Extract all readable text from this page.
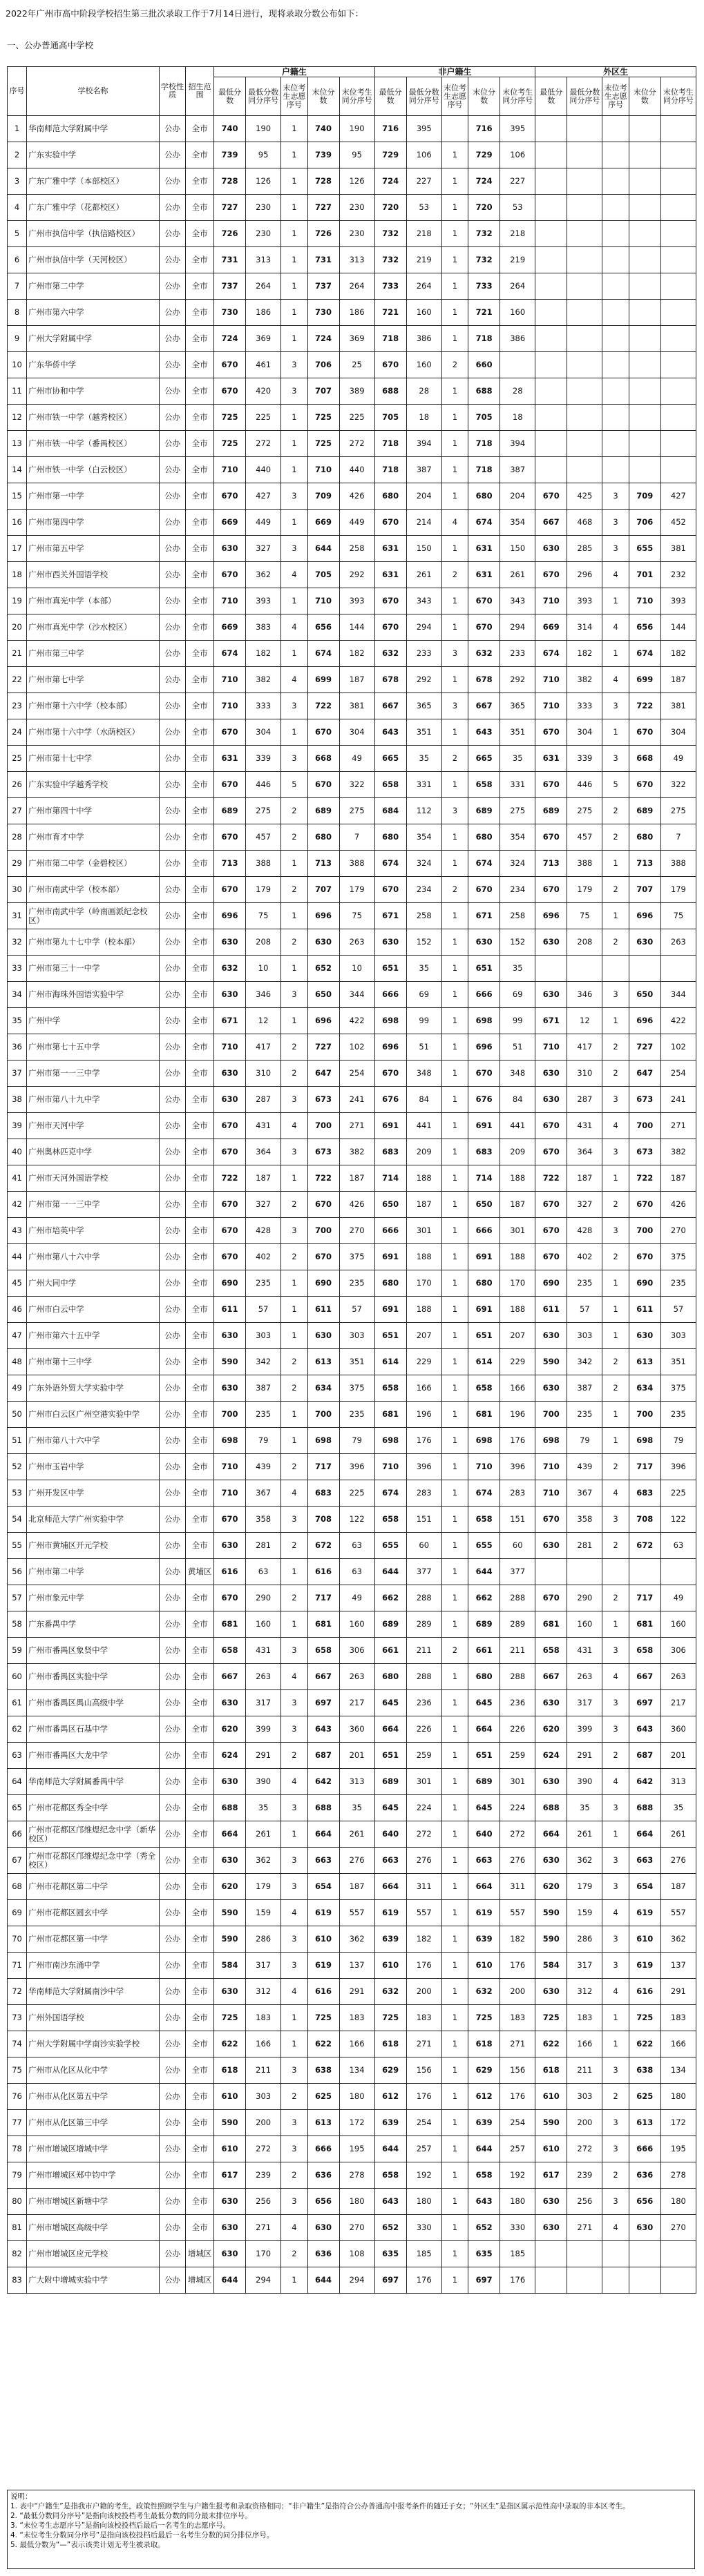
2022年广州市高中阶段学校招生第三批次录取工作于7月14日进行，现将录取分数公布如下：
一、公办普通高中学校
序号	学校名称	学校性质	招生范围	户籍生					非户籍生					外区生				
				最低分数	最低分数同分序号	末位考生志愿序号	末位分数	末位考生同分序号	最低分数	最低分数同分序号	末位考生志愿序号	末位分数	末位考生同分序号	最低分数	最低分数同分序号	末位考生志愿序号	末位分数	末位考生同分序号
1	华南师范大学附属中学	公办	全市	740	190	1	740	190	716	395		716	395					
2	广东实验中学	公办	全市	739	95	1	739	95	729	106	1	729	106					
3	广东广雅中学（本部校区）	公办	全市	728	126	1	728	126	724	227	1	724	227					
4	广东广雅中学（花都校区）	公办	全市	727	230	1	727	230	720	53	1	720	53					
5	广州市执信中学（执信路校区）	公办	全市	726	230	1	726	230	732	218	1	732	218					
6	广州市执信中学（天河校区）	公办	全市	731	313	1	731	313	732	219	1	732	219					
7	广州市第二中学	公办	全市	737	264	1	737	264	733	264	1	733	264					
8	广州市第六中学	公办	全市	730	186	1	730	186	721	160	1	721	160					
9	广州大学附属中学	公办	全市	724	369	1	724	369	718	386	1	718	386					
10	广东华侨中学	公办	全市	670	461	3	706	25	670	160	2	660						
11	广州市协和中学	公办	全市	670	420	3	707	389	688	28	1	688	28					
12	广州市铁一中学（越秀校区）	公办	全市	725	225	1	725	225	705	18	1	705	18					
13	广州市铁一中学（番禺校区）	公办	全市	725	272	1	725	272	718	394	1	718	394					
14	广州市铁一中学（白云校区）	公办	全市	710	440	1	710	440	718	387	1	718	387					
15	广州市第一中学	公办	全市	670	427	3	709	426	680	204	1	680	204	670	425	3	709	427
16	广州市第四中学	公办	全市	669	449	1	669	449	670	214	4	674	354	667	468	3	706	452
17	广州市第五中学	公办	全市	630	327	3	644	258	631	150	1	631	150	630	285	3	655	381
18	广州市西关外国语学校	公办	全市	670	362	4	705	292	631	261	2	631	261	670	296	4	701	232
19	广州市真光中学（本部）	公办	全市	710	393	1	710	393	670	343	1	670	343	710	393	1	710	393
20	广州市真光中学（沙水校区）	公办	全市	669	383	4	656	144	670	294	1	670	294	669	314	4	656	144
21	广州市第三中学	公办	全市	674	182	1	674	182	632	233	3	632	233	674	182	1	674	182
22	广州市第七中学	公办	全市	710	382	4	699	187	678	292	1	678	292	710	382	4	699	187
23	广州市第十六中学（校本部）	公办	全市	710	333	3	722	381	667	365	3	667	365	710	333	3	722	381
24	广州市第十六中学（水荫校区）	公办	全市	670	304	1	670	304	643	351	1	643	351	670	304	1	670	304
25	广州市第十七中学	公办	全市	631	339	3	668	49	665	35	2	665	35	631	339	3	668	49
26	广东实验中学越秀学校	公办	全市	670	446	5	670	322	658	331	1	658	331	670	446	5	670	322
27	广州市第四十中学	公办	全市	689	275	2	689	275	684	112	3	689	275	689	275	2	689	275
28	广州市育才中学	公办	全市	670	457	2	680	7	680	354	1	680	354	670	457	2	680	7
29	广州市第二中学（金碧校区）	公办	全市	713	388	1	713	388	674	324	1	674	324	713	388	1	713	388
30	广州市南武中学（校本部）	公办	全市	670	179	2	707	179	670	234	2	670	234	670	179	2	707	179
31	广州市南武中学（岭南画派纪念校区）	公办	全市	696	75	1	696	75	671	258	1	671	258	696	75	1	696	75
32	广州市第九十七中学（校本部）	公办	全市	630	208	2	630	263	630	152	1	630	152	630	208	2	630	263
33	广州市第三十一中学	公办	全市	632	10	1	652	10	651	35	1	651	35					
34	广州市海珠外国语实验中学	公办	全市	630	346	3	650	344	666	69	1	666	69	630	346	3	650	344
35	广州中学	公办	全市	671	12	1	696	422	698	99	1	698	99	671	12	1	696	422
36	广州市第七十五中学	公办	全市	710	417	2	727	102	696	51	1	696	51	710	417	2	727	102
37	广州市第一一三中学	公办	全市	630	310	2	647	254	670	348	1	670	348	630	310	2	647	254
38	广州市第八十九中学	公办	全市	630	287	3	673	241	676	84	1	676	84	630	287	3	673	241
39	广州市天河中学	公办	全市	670	431	4	700	271	691	441	1	691	441	670	431	4	700	271
40	广州奥林匹克中学	公办	全市	670	364	3	673	382	683	209	1	683	209	670	364	3	673	382
41	广州市天河外国语学校	公办	全市	722	187	1	722	187	714	188	1	714	188	722	187	1	722	187
42	广州市第一一三中学	公办	全市	670	327	2	670	426	650	187	1	650	187	670	327	2	670	426
43	广州市培英中学	公办	全市	670	428	3	700	270	666	301	1	666	301	670	428	3	700	270
44	广州市第八十六中学	公办	全市	670	402	2	670	375	691	188	1	691	188	670	402	2	670	375
45	广州大同中学	公办	全市	690	235	1	690	235	680	170	1	680	170	690	235	1	690	235
46	广州市白云中学	公办	全市	611	57	1	611	57	691	188	1	691	188	611	57	1	611	57
47	广州市第六十五中学	公办	全市	630	303	1	630	303	651	207	1	651	207	630	303	1	630	303
48	广州市第十三中学	公办	全市	590	342	2	613	351	614	229	1	614	229	590	342	2	613	351
49	广东外语外贸大学实验中学	公办	全市	630	387	2	634	375	658	166	1	658	166	630	387	2	634	375
50	广州市白云区广州空港实验中学	公办	全市	700	235	1	700	235	681	196	1	681	196	700	235	1	700	235
51	广州市第八十六中学	公办	全市	698	79	1	698	79	698	176	1	698	176	698	79	1	698	79
52	广州市玉岩中学	公办	全市	710	439	2	717	396	710	396	1	710	396	710	439	2	717	396
53	广州开发区中学	公办	全市	710	367	4	683	225	674	283	1	674	283	710	367	4	683	225
54	北京师范大学广州实验中学	公办	全市	670	358	3	708	122	658	151	1	658	151	670	358	3	708	122
55	广州市黄埔区开元学校	公办	全市	630	281	2	672	63	655	60	1	655	60	630	281	2	672	63
56	广州市第二中学	公办	黄埔区	616	63	1	616	63	644	377	1	644	377					
57	广州市象元中学	公办	全市	670	290	2	717	49	662	288	1	662	288	670	290	2	717	49
58	广东番禺中学	公办	全市	681	160	1	681	160	689	289	1	689	289	681	160	1	681	160
59	广州市番禺区象贤中学	公办	全市	658	431	3	658	306	661	211	2	661	211	658	431	3	658	306
60	广州市番禺区实验中学	公办	全市	667	263	4	667	263	680	288	1	680	288	667	263	4	667	263
61	广州市番禺区禺山高级中学	公办	全市	630	317	3	697	217	645	236	1	645	236	630	317	3	697	217
62	广州市番禺区石基中学	公办	全市	620	399	3	643	360	664	226	1	664	226	620	399	3	643	360
63	广州市番禺区大龙中学	公办	全市	624	291	2	687	201	651	259	1	651	259	624	291	2	687	201
64	华南师范大学附属番禺中学	公办	全市	630	390	4	642	313	689	301	1	689	301	630	390	4	642	313
65	广州市花都区秀全中学	公办	全市	688	35	3	688	35	645	224	1	645	224	688	35	3	688	35
66	广州市花都区邝维煜纪念中学（新华校区）	公办	全市	664	261	1	664	261	640	272	1	640	272	664	261	1	664	261
67	广州市花都区邝维煜纪念中学（秀全校区）	公办	全市	630	362	3	663	276	663	276	1	663	276	630	362	3	663	276
68	广州市花都区第二中学	公办	全市	620	179	3	654	187	664	311	1	664	311	620	179	3	654	187
69	广州市花都区圆玄中学	公办	全市	590	159	4	619	557	619	557	1	619	557	590	159	4	619	557
70	广州市花都区第一中学	公办	全市	590	286	3	610	362	639	182	1	639	182	590	286	3	610	362
71	广州市南沙东涌中学	公办	全市	584	317	3	619	137	610	176	1	610	176	584	317	3	619	137
72	华南师范大学附属南沙中学	公办	全市	630	312	4	616	291	632	200	1	632	200	630	312	4	616	291
73	广州外国语学校	公办	全市	725	183	1	725	183	725	183	1	725	183	725	183	1	725	183
74	广州大学附属中学南沙实验学校	公办	全市	622	166	1	622	166	618	271	1	618	271	622	166	1	622	166
75	广州市从化区从化中学	公办	全市	618	211	3	638	134	629	156	1	629	156	618	211	3	638	134
76	广州市从化区第五中学	公办	全市	610	303	2	625	180	612	176	1	612	176	610	303	2	625	180
77	广州市从化区第三中学	公办	全市	590	200	3	613	172	639	254	1	639	254	590	200	3	613	172
78	广州市增城区增城中学	公办	全市	610	272	3	666	195	644	257	1	644	257	610	272	3	666	195
79	广州市增城区郑中钧中学	公办	全市	617	239	2	636	278	658	192	1	658	192	617	239	2	636	278
80	广州市增城区新塘中学	公办	全市	630	256	3	656	180	643	180	1	643	180	630	256	3	656	180
81	广州市增城区高级中学	公办	全市	630	271	4	630	270	652	330	1	652	330	630	271	4	630	270
82	广州市增城区应元学校	公办	增城区	630	170	2	636	108	635	185	1	635	185					
83	广大附中增城实验中学	公办	增城区	644	294	1	644	294	697	176	1	697	176					
说明：
1. 表中“户籍生”是指我市户籍的考生，政策性照顾学生与户籍生报考和录取资格相同；“非户籍生”是指符合公办普通高中报考条件的随迁子女；“外区生”是指区属示范性高中录取的非本区考生。
2. “最低分数同分序号”是指向该校投档考生最低分数的同分最末排位序号。
3. “末位考生志愿序号”是指向该校投档后最后一名考生的志愿序号。
4. “末位考生分数同分序号”是指向该校投档后最后一名考生分数的同分排位序号。
5. 最低分数为“—”表示该类计划无考生被录取。
